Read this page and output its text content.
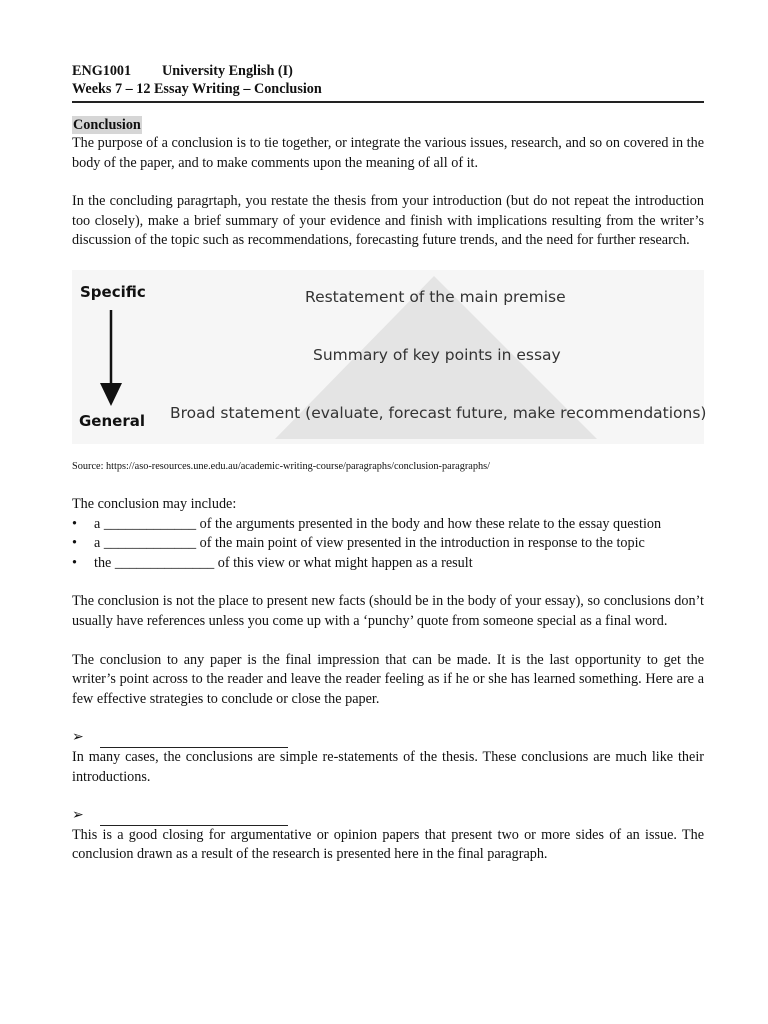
ENG1001 University English (I)
Weeks 7 – 12 Essay Writing – Conclusion
Conclusion

The purpose of a conclusion is to tie together, or integrate the various issues, research, and so on covered in the body of the paper, and to make comments upon the meaning of all of it.

In the concluding paragrtaph, you restate the thesis from your introduction (but do not repeat the introduction too closely), make a brief summary of your evidence and finish with implications resulting from the writer’s discussion of the topic such as recommendations, forecasting future trends, and the need for further research.

Specific
General
Restatement of the main premise
Summary of key points in essay
Broad statement (evaluate, forecast future, make recommendations)
Source: https://aso-resources.une.edu.au/academic-writing-course/paragraphs/conclusion-paragraphs/

The conclusion may include:

• a _____________ of the arguments presented in the body and how these relate to the essay question
• a _____________ of the main point of view presented in the introduction in response to the topic
• the ______________ of this view or what might happen as a result

The conclusion is not the place to present new facts (should be in the body of your essay), so conclusions don’t usually have references unless you come up with a ‘punchy’ quote from someone special as a final word.

The conclusion to any paper is the final impression that can be made. It is the last opportunity to get the writer’s point across to the reader and leave the reader feeling as if he or she has learned something. Here are a few effective strategies to conclude or close the paper.

➢

In many cases, the conclusions are simple re-statements of the thesis. These conclusions are much like their introductions.

➢

This is a good closing for argumentative or opinion papers that present two or more sides of an issue. The conclusion drawn as a result of the research is presented here in the final paragraph.
